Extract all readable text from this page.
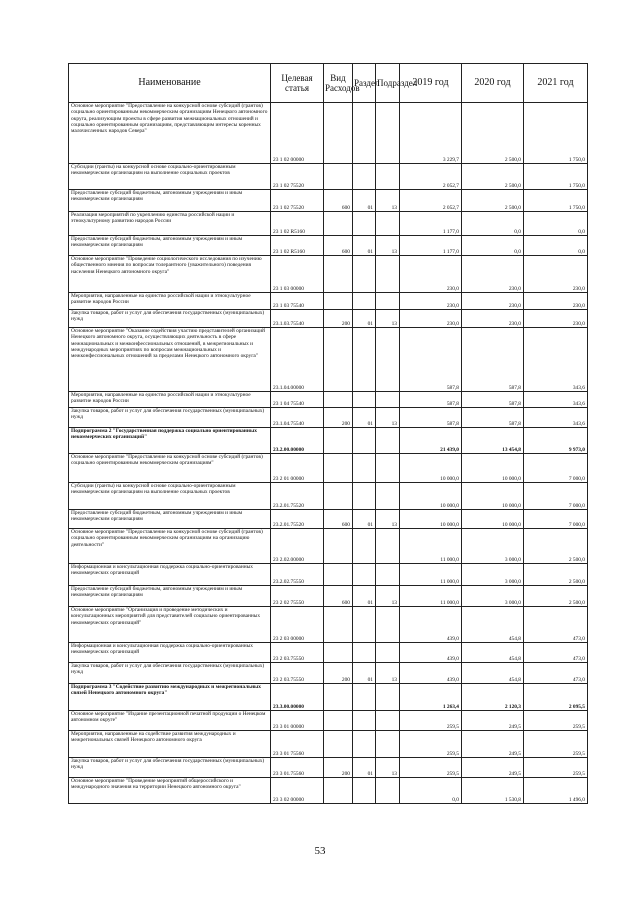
Наименование	Целевая статья	Вид Расходов	Раздел	Подраздел	2019 год	2020 год	2021 год
Основное мероприятие "Предоставление на конкурсной основе субсидий (грантов) социально ориентированным некоммерческим организациям Ненецкого автономного округа, реализующим проекты в сфере развития межнациональных отношений и социально ориентированным организациям, представляющим интересы коренных малочисленных народов Севера"	23 1 02 00000				3 229,7	2 500,0	1 750,0
Субсидии (гранты) на конкурсной основе социально-ориентированным некоммерческим организациям на выполнение социальных проектов	23 1 02 75520				2 052,7	2 500,0	1 750,0
Предоставление субсидий бюджетным, автономным учреждениям и иным некоммерческим организациям	23 1 02 75520	600	01	13	2 052,7	2 500,0	1 750,0
Реализация мероприятий по укреплению единства российской нации и этнокультурному развитию народов России	23 1 02 R5160				1 177,0	0,0	0,0
Предоставление субсидий бюджетным, автономным учреждениям и иным некоммерческим организациям	23 1 02 R5160	600	01	13	1 177,0	0,0	0,0
Основное мероприятие "Проведение социологического исследования по изучению общественного мнения по вопросам толерантного (уважительного) поведения населения Ненецкого автономного округа"	23 1 03 00000				230,0	230,0	230,0
Мероприятия, направленные на единство российской нации и этнокультурное развитие народов России	23 1 03 75540				230,0	230,0	230,0
Закупка товаров, работ и услуг для обеспечения государственных (муниципальных) нужд	23.1.03.75540	200	01	13	230,0	230,0	230,0
Основное мероприятие "Оказание содействия участию представителей организаций Ненецкого автономного округа, осуществляющих деятельность в сфере межнациональных и межконфессиональных отношений, в межрегиональных и международных мероприятиях по вопросам межнациональных и межконфессиональных отношений за пределами Ненецкого автономного округа"	23.1.04.00000				587,8	587,8	343,6
Мероприятия, направленные на единство российской нации и этнокультурное развитие народов России	23 1 04 75540				587,8	587,8	343,6
Закупка товаров, работ и услуг для обеспечения государственных (муниципальных) нужд	23.1.04.75540	200	01	13	587,8	587,8	343,6
Подпрограмма 2 "Государственная поддержка социально ориентированных некоммерческих организаций"	23.2.00.00000				21 439,0	13 454,8	9 973,0
Основное мероприятие "Предоставление на конкурсной основе субсидий (грантов) социально ориентированным некоммерческим организациям"	23 2 01 00000				10 000,0	10 000,0	7 000,0
Субсидии (гранты) на конкурсной основе социально-ориентированным некоммерческим организациям на выполнение социальных проектов	23.2.01.75520				10 000,0	10 000,0	7 000,0
Предоставление субсидий бюджетным, автономным учреждениям и иным некоммерческим организациям	23.2.01.75520	600	01	13	10 000,0	10 000,0	7 000,0
Основное мероприятие "Предоставление на конкурсной основе субсидий (грантов) социально ориентированным некоммерческим организациям на организацию деятельности"	23 2.02.00000				11 000,0	3 000,0	2 500,0
Информационная и консультационная поддержка социально-ориентированных некоммерческих организаций	23.2.02.75550				11 000,0	3 000,0	2 500,0
Предоставление субсидий бюджетным, автономным учреждениям и иным некоммерческим организациям	23 2 02 75550	600	01	13	11 000,0	3 000,0	2 500,0
Основное мероприятие "Организация и проведение методических и консультационных мероприятий для представителей социально ориентированных некоммерческих организаций"	23 2 03 00000				439,0	454,8	473,0
Информационная и консультационная поддержка социально-ориентированных некоммерческих организаций	23 2 03.75550				439,0	454,8	473,0
Закупка товаров, работ и услуг для обеспечения государственных (муниципальных) нужд	23 2 03.75550	200	01	13	439,0	454,8	473,0
Подпрограмма 3 "Содействие развитию международных и межрегиональных связей Ненецкого автономного округа"	23.3.00.00000				1 263,4	2 120,3	2 095,5
Основное мероприятие "Издание презентационной печатной продукции о Ненецком автономном округе"	23 3 01 00000				259,5	249,5	259,5
Мероприятия, направленные на содействие развития международных и межрегиональных связей Ненецкого автономного округа	23 3 01 75560				259,5	249,5	259,5
Закупка товаров, работ и услуг для обеспечения государственных (муниципальных) нужд	23 3 01.75560	200	01	13	259,5	249,5	259,5
Основное мероприятие "Проведение мероприятий общероссийского и международного значения на территории Ненецкого автономного округа"	23 3 02 00000				0,0	1 530,8	1 496,0
53
